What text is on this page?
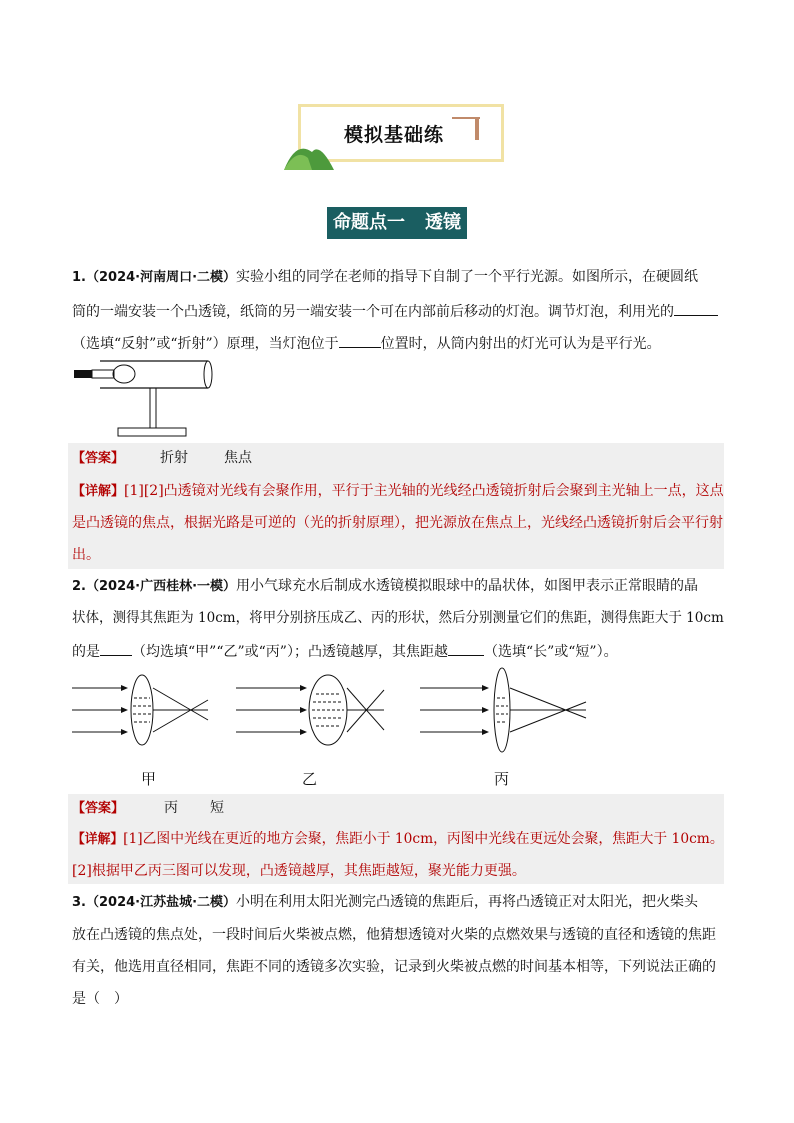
模拟基础练
命题点一 透镜
1.（2024·河南周口·二模）实验小组的同学在老师的指导下自制了一个平行光源。如图所示，在硬圆纸
筒的一端安装一个凸透镜，纸筒的另一端安装一个可在内部前后移动的灯泡。调节灯泡，利用光的
（选填“反射”或“折射”）原理，当灯泡位于	位置时，从筒内射出的灯光可认为是平行光。
【答案】	折射	焦点
【详解】[1][2]凸透镜对光线有会聚作用，平行于主光轴的光线经凸透镜折射后会聚到主光轴上一点，这点
是凸透镜的焦点，根据光路是可逆的（光的折射原理），把光源放在焦点上，光线经凸透镜折射后会平行射
出。
2.（2024·广西桂林·一模）用小气球充水后制成水透镜模拟眼球中的晶状体，如图甲表示正常眼睛的晶
状体，测得其焦距为 10cm，将甲分别挤压成乙、丙的形状，然后分别测量它们的焦距，测得焦距大于 10cm
的是 （均选填“甲”“乙”或“丙”）；凸透镜越厚，其焦距越	（选填“长”或“短”）。
甲	乙	丙
【答案】	丙 短
【详解】[1]乙图中光线在更近的地方会聚，焦距小于 10cm，丙图中光线在更远处会聚，焦距大于 10cm。
[2]根据甲乙丙三图可以发现，凸透镜越厚，其焦距越短，聚光能力更强。
3.（2024·江苏盐城·二模）小明在利用太阳光测完凸透镜的焦距后，再将凸透镜正对太阳光，把火柴头
放在凸透镜的焦点处，一段时间后火柴被点燃，他猜想透镜对火柴的点燃效果与透镜的直径和透镜的焦距
有关，他选用直径相同，焦距不同的透镜多次实验，记录到火柴被点燃的时间基本相等，下列说法正确的
是（　）
